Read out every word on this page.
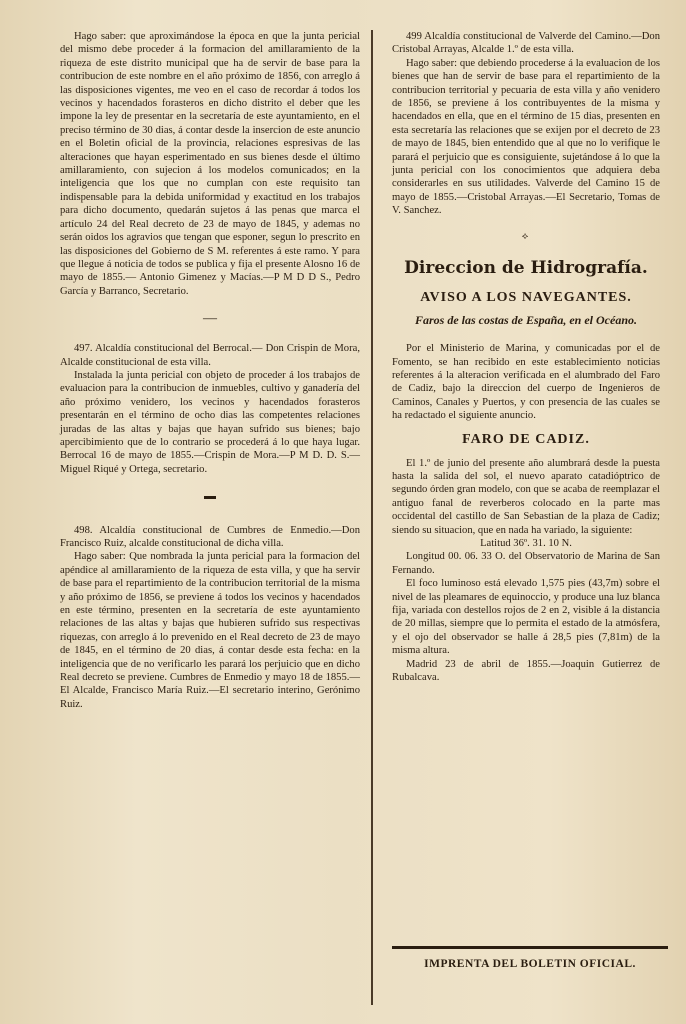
Hago saber: que aproximándose la época en que la junta pericial del mismo debe proceder á la formacion del amillaramiento de la riqueza de este distrito municipal que ha de servir de base para la contribucion de este nombre en el año próximo de 1856, con arreglo á las disposiciones vigentes, me veo en el caso de recordar á todos los vecinos y hacendados forasteros en dicho distrito el deber que les impone la ley de presentar en la secretaría de este ayuntamiento, en el preciso término de 30 dias, á contar desde la insercion de este anuncio en el Boletin oficial de la provincia, relaciones espresivas de las alteraciones que hayan esperimentado en sus bienes desde el último amillaramiento, con sujecion á los modelos comunicados; en la inteligencia que los que no cumplan con este requisito tan indispensable para la debida uniformidad y exactitud en los trabajos para dicho documento, quedarán sujetos á las penas que marca el artículo 24 del Real decreto de 23 de mayo de 1845, y ademas no serán oidos los agravios que tengan que esponer, segun lo prescrito en las disposiciones del Gobierno de S M. referentes á este ramo. Y para que llegue á noticia de todos se publica y fija el presente Alosno 16 de mayo de 1855.— Antonio Gimenez y Macías.—P M D D S., Pedro García y Barranco, Secretario.

—

497. Alcaldía constitucional del Berrocal.— Don Crispin de Mora, Alcalde constitucional de esta villa.

Instalada la junta pericial con objeto de proceder á los trabajos de evaluacion para la contribucion de inmuebles, cultivo y ganadería del año próximo venidero, los vecinos y hacendados forasteros presentarán en el término de ocho dias las competentes relaciones juradas de las altas y bajas que hayan sufrido sus bienes; bajo apercibimiento que de lo contrario se procederá á lo que haya lugar. Berrocal 16 de mayo de 1855.—Crispin de Mora.—P M D. D. S.—Miguel Riqué y Ortega, secretario.

498. Alcaldía constitucional de Cumbres de Enmedio.—Don Francisco Ruiz, alcalde constitucional de dicha villa.

Hago saber: Que nombrada la junta pericial para la formacion del apéndice al amillaramiento de la riqueza de esta villa, y que ha servir de base para el repartimiento de la contribucion territorial de la misma y año próximo de 1856, se previene á todos los vecinos y hacendados en este término, presenten en la secretaría de este ayuntamiento relaciones de las altas y bajas que hubieren sufrido sus respectivas riquezas, con arreglo á lo prevenido en el Real decreto de 23 de mayo de 1845, en el término de 20 dias, á contar desde esta fecha: en la inteligencia que de no verificarlo les parará los perjuicio que en dicho Real decreto se previene. Cumbres de Enmedio y mayo 18 de 1855.—El Alcalde, Francisco María Ruiz.—El secretario interino, Gerónimo Ruiz.

499 Alcaldía constitucional de Valverde del Camino.—Don Cristobal Arrayas, Alcalde 1.º de esta villa.

Hago saber: que debiendo procederse á la evaluacion de los bienes que han de servir de base para el repartimiento de la contribucion territorial y pecuaria de esta villa y año venidero de 1856, se previene á los contribuyentes de la misma y hacendados en ella, que en el término de 15 dias, presenten en esta secretaría las relaciones que se exijen por el decreto de 23 de mayo de 1845, bien entendido que al que no lo verifique le parará el perjuicio que es consiguiente, sujetándose á lo que la junta pericial con los conocimientos que adquiera deba considerarles en sus utilidades. Valverde del Camino 15 de mayo de 1855.—Cristobal Arrayas.—El Secretario, Tomas de V. Sanchez.

⟡
Direccion de Hidrografía.
AVISO A LOS NAVEGANTES.
Faros de las costas de España, en el Océano.

Por el Ministerio de Marina, y comunicadas por el de Fomento, se han recibido en este establecimiento noticias referentes á la alteracion verificada en el alumbrado del Faro de Cadiz, bajo la direccion del cuerpo de Ingenieros de Caminos, Canales y Puertos, y con presencia de las cuales se ha redactado el siguiente anuncio.

FARO DE CADIZ.

El 1.º de junio del presente año alumbrará desde la puesta hasta la salida del sol, el nuevo aparato catadióptrico de segundo órden gran modelo, con que se acaba de reemplazar el antiguo fanal de reverberos colocado en la parte mas occidental del castillo de San Sebastian de la plaza de Cadiz; siendo su situacion, que en nada ha variado, la siguiente:

Latitud 36º. 31. 10 N.

Longitud 00. 06. 33 O. del Observatorio de Marina de San Fernando.

El foco luminoso está elevado 1,575 pies (43,7m) sobre el nivel de las pleamares de equinoccio, y produce una luz blanca fija, variada con destellos rojos de 2 en 2, visible á la distancia de 20 millas, siempre que lo permita el estado de la atmósfera, y el ojo del observador se halle á 28,5 pies (7,81m) de la misma altura.

Madrid 23 de abril de 1855.—Joaquin Gutierrez de Rubalcava.

IMPRENTA DEL BOLETIN OFICIAL.
